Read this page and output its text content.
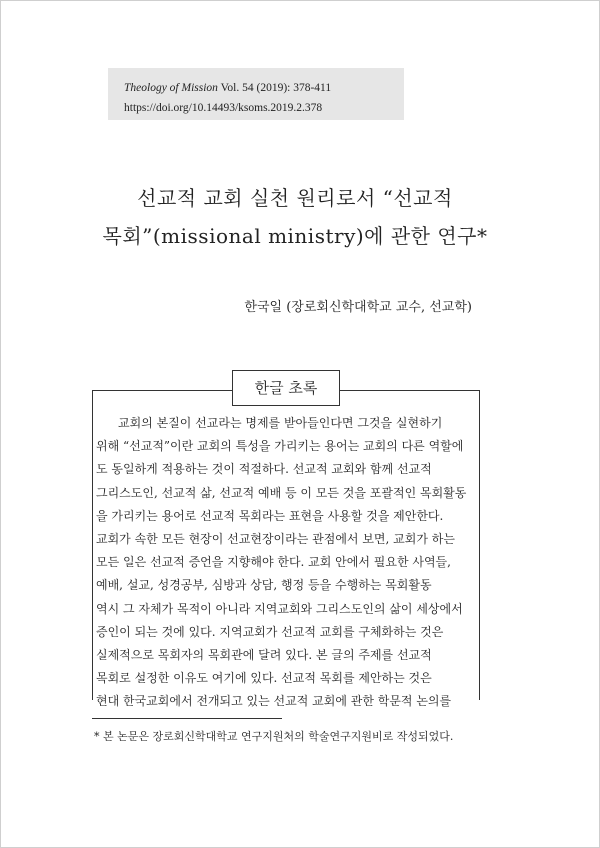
Theology of Mission Vol. 54 (2019): 378-411
https://doi.org/10.14493/ksoms.2019.2.378
선교적 교회 실천 원리로서 “선교적
목회”(missional ministry)에 관한 연구*
한국일 (장로회신학대학교 교수, 선교학)
한글 초록
교회의 본질이 선교라는 명제를 받아들인다면 그것을 실현하기
위해 “선교적”이란 교회의 특성을 가리키는 용어는 교회의 다른 역할에
도 동일하게 적용하는 것이 적절하다. 선교적 교회와 함께 선교적
그리스도인, 선교적 삶, 선교적 예배 등 이 모든 것을 포괄적인 목회활동
을 가리키는 용어로 선교적 목회라는 표현을 사용할 것을 제안한다.
교회가 속한 모든 현장이 선교현장이라는 관점에서 보면, 교회가 하는
모든 일은 선교적 증언을 지향해야 한다. 교회 안에서 필요한 사역들,
예배, 설교, 성경공부, 심방과 상담, 행정 등을 수행하는 목회활동
역시 그 자체가 목적이 아니라 지역교회와 그리스도인의 삶이 세상에서
증인이 되는 것에 있다. 지역교회가 선교적 교회를 구체화하는 것은
실제적으로 목회자의 목회관에 달려 있다. 본 글의 주제를 선교적
목회로 설정한 이유도 여기에 있다. 선교적 목회를 제안하는 것은
현대 한국교회에서 전개되고 있는 선교적 교회에 관한 학문적 논의를
* 본 논문은 장로회신학대학교 연구지원처의 학술연구지원비로 작성되었다.
